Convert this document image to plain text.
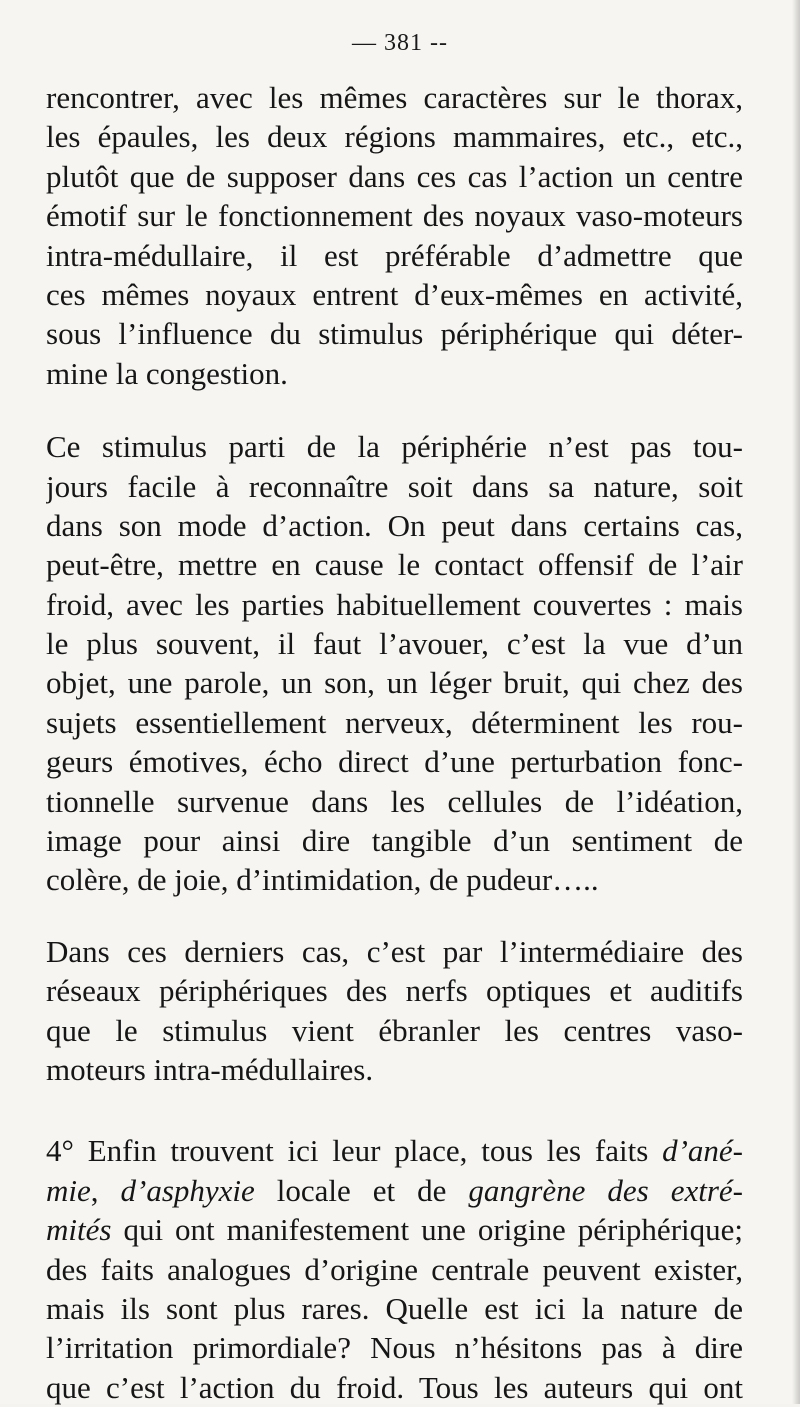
— 381 --
rencontrer, avec les mêmes caractères sur le thorax,
les épaules, les deux régions mammaires, etc., etc.,
plutôt que de supposer dans ces cas l’action un centre
émotif sur le fonctionnement des noyaux vaso-moteurs
intra-médullaire, il est préférable d’admettre que
ces mêmes noyaux entrent d’eux-mêmes en activité,
sous l’influence du stimulus périphérique qui déter-
mine la congestion.
Ce stimulus parti de la périphérie n’est pas tou-
jours facile à reconnaître soit dans sa nature, soit
dans son mode d’action. On peut dans certains cas,
peut-être, mettre en cause le contact offensif de l’air
froid, avec les parties habituellement couvertes : mais
le plus souvent, il faut l’avouer, c’est la vue d’un
objet, une parole, un son, un léger bruit, qui chez des
sujets essentiellement nerveux, déterminent les rou-
geurs émotives, écho direct d’une perturbation fonc-
tionnelle survenue dans les cellules de l’idéation,
image pour ainsi dire tangible d’un sentiment de
colère, de joie, d’intimidation, de pudeur…..
Dans ces derniers cas, c’est par l’intermédiaire des
réseaux périphériques des nerfs optiques et auditifs
que le stimulus vient ébranler les centres vaso-
moteurs intra-médullaires.
4° Enfin trouvent ici leur place, tous les faits d’ané-
mie, d’asphyxie locale et de gangrène des extré-
mités qui ont manifestement une origine périphérique;
des faits analogues d’origine centrale peuvent exister,
mais ils sont plus rares. Quelle est ici la nature de
l’irritation primordiale? Nous n’hésitons pas à dire
que c’est l’action du froid. Tous les auteurs qui ont
